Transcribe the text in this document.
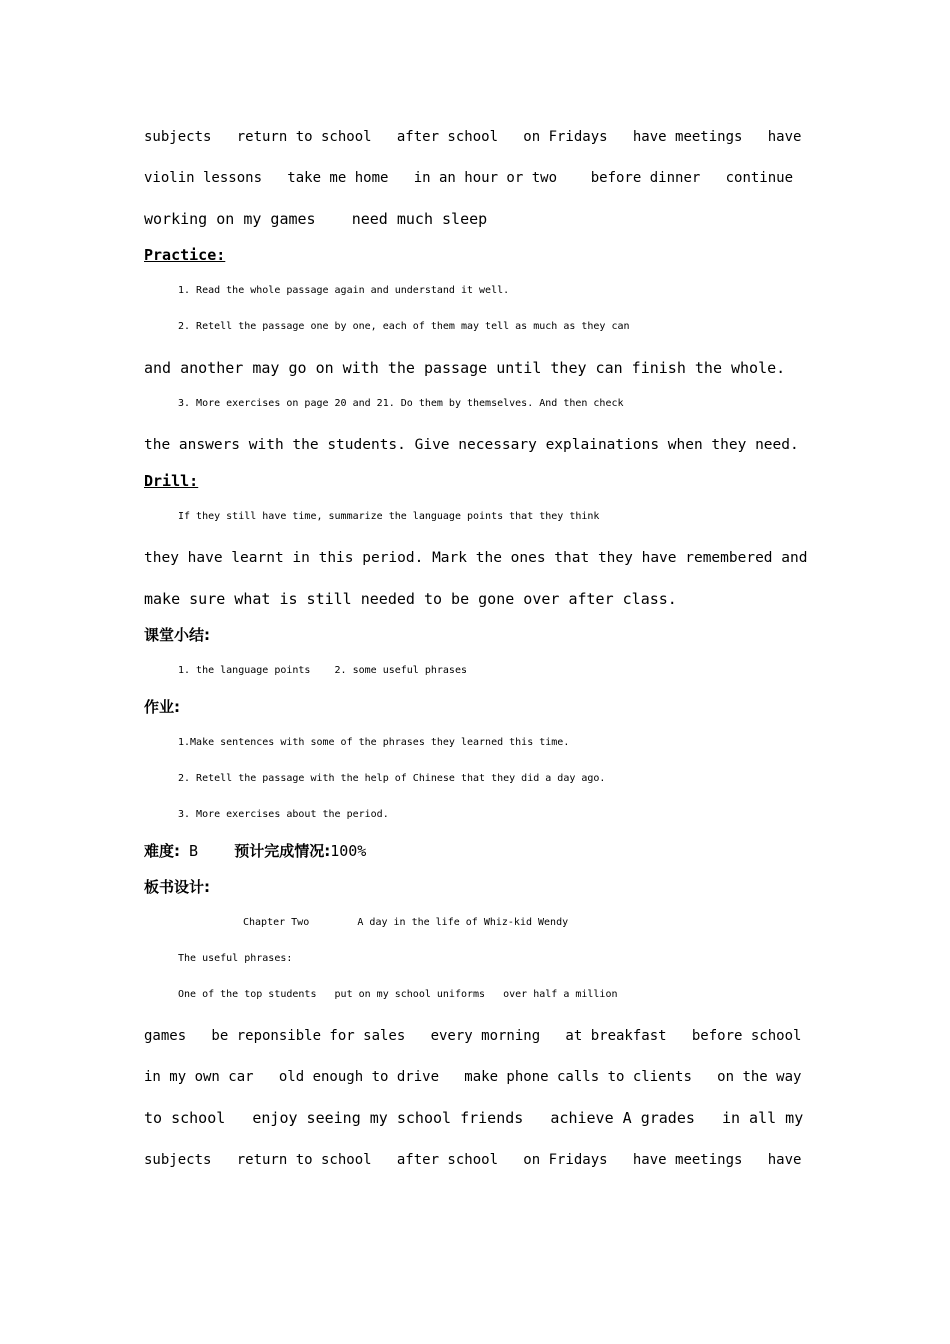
subjects   return to school   after school   on Fridays   have meetings   have
violin lessons   take me home   in an hour or two    before dinner   continue
working on my games    need much sleep
Practice:
1. Read the whole passage again and understand it well.
2. Retell the passage one by one, each of them may tell as much as they can
and another may go on with the passage until they can finish the whole.
3. More exercises on page 20 and 21. Do them by themselves. And then check
the answers with the students. Give necessary explainations when they need.
Drill:
If they still have time, summarize the language points that they think
they have learnt in this period. Mark the ones that they have remembered and
make sure what is still needed to be gone over after class.
课堂小结:
1. the language points    2. some useful phrases
作业:
1.Make sentences with some of the phrases they learned this time.
2. Retell the passage with the help of Chinese that they did a day ago.
3. More exercises about the period.
难度: B    预计完成情况:100%
板书设计:
Chapter Two        A day in the life of Whiz-kid Wendy
The useful phrases:
One of the top students   put on my school uniforms   over half a million
games   be reponsible for sales   every morning   at breakfast   before school
in my own car   old enough to drive   make phone calls to clients   on the way
to school   enjoy seeing my school friends   achieve A grades   in all my
subjects   return to school   after school   on Fridays   have meetings   have
